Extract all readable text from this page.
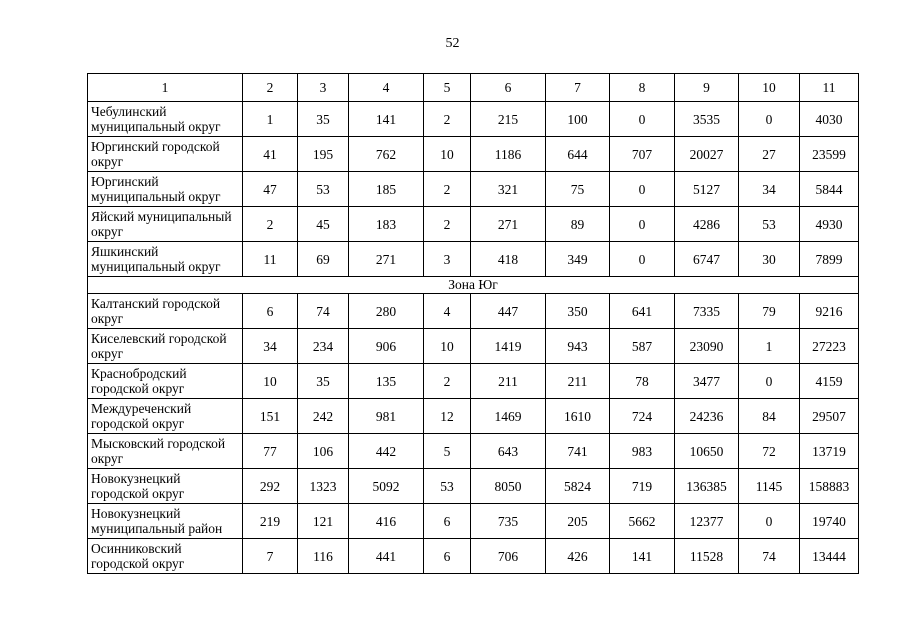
52
1	2	3	4	5	6	7	8	9	10	11
Чебулинский муниципальный округ	1	35	141	2	215	100	0	3535	0	4030
Юргинский городской округ	41	195	762	10	1186	644	707	20027	27	23599
Юргинский муниципальный округ	47	53	185	2	321	75	0	5127	34	5844
Яйский муниципальный округ	2	45	183	2	271	89	0	4286	53	4930
Яшкинский муниципальный округ	11	69	271	3	418	349	0	6747	30	7899
Зона Юг										
Калтанский городской округ	6	74	280	4	447	350	641	7335	79	9216
Киселевский городской округ	34	234	906	10	1419	943	587	23090	1	27223
Краснобродский городской округ	10	35	135	2	211	211	78	3477	0	4159
Междуреченский городской округ	151	242	981	12	1469	1610	724	24236	84	29507
Мысковский городской округ	77	106	442	5	643	741	983	10650	72	13719
Новокузнецкий городской округ	292	1323	5092	53	8050	5824	719	136385	1145	158883
Новокузнецкий муниципальный район	219	121	416	6	735	205	5662	12377	0	19740
Осинниковский городской округ	7	116	441	6	706	426	141	11528	74	13444
